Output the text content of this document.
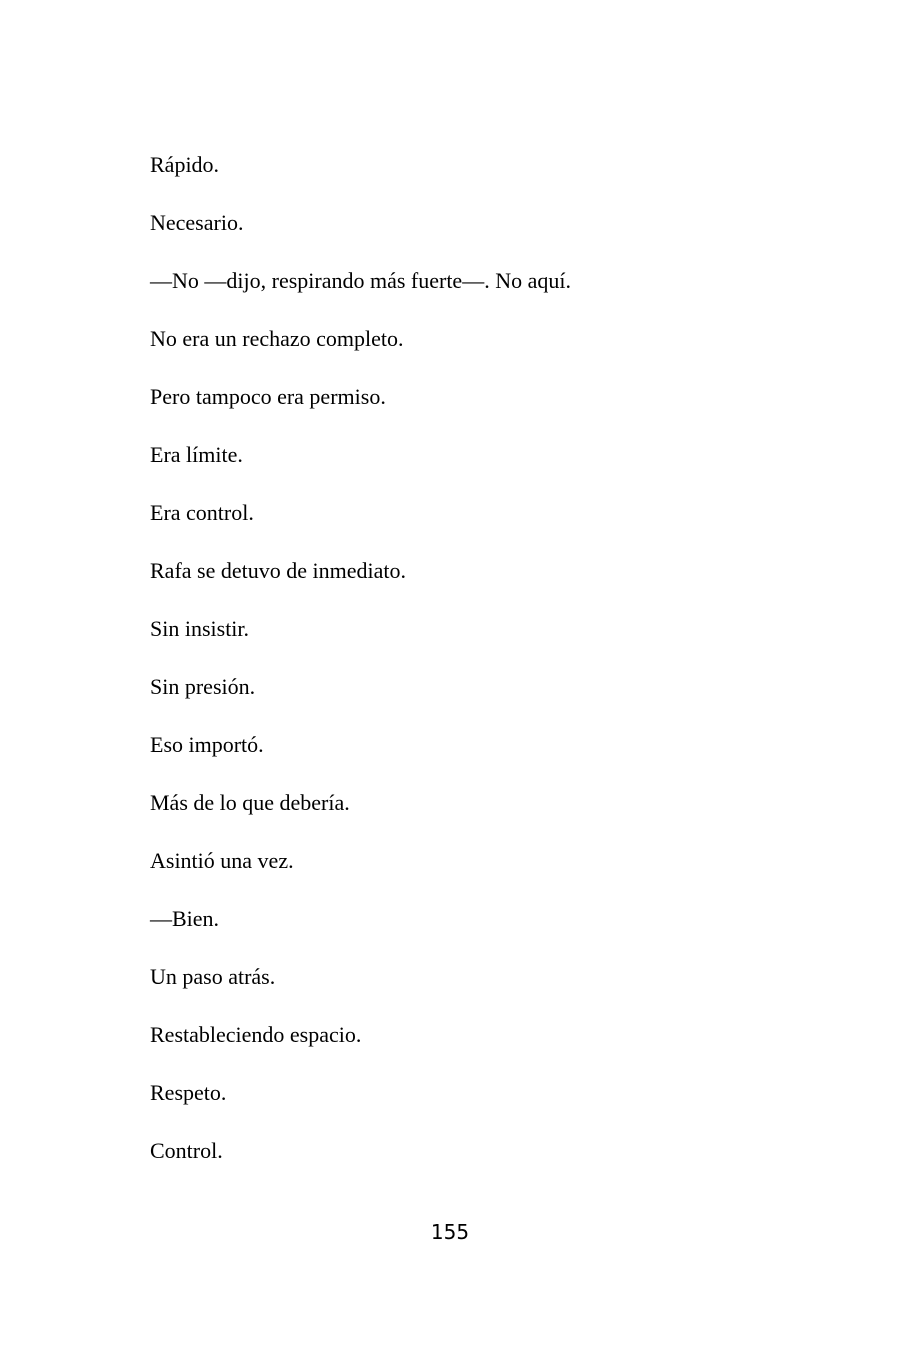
Rápido.

Necesario.

—No —dijo, respirando más fuerte—. No aquí.

No era un rechazo completo.

Pero tampoco era permiso.

Era límite.

Era control.

Rafa se detuvo de inmediato.

Sin insistir.

Sin presión.

Eso importó.

Más de lo que debería.

Asintió una vez.

—Bien.

Un paso atrás.

Restableciendo espacio.

Respeto.

Control.

155
